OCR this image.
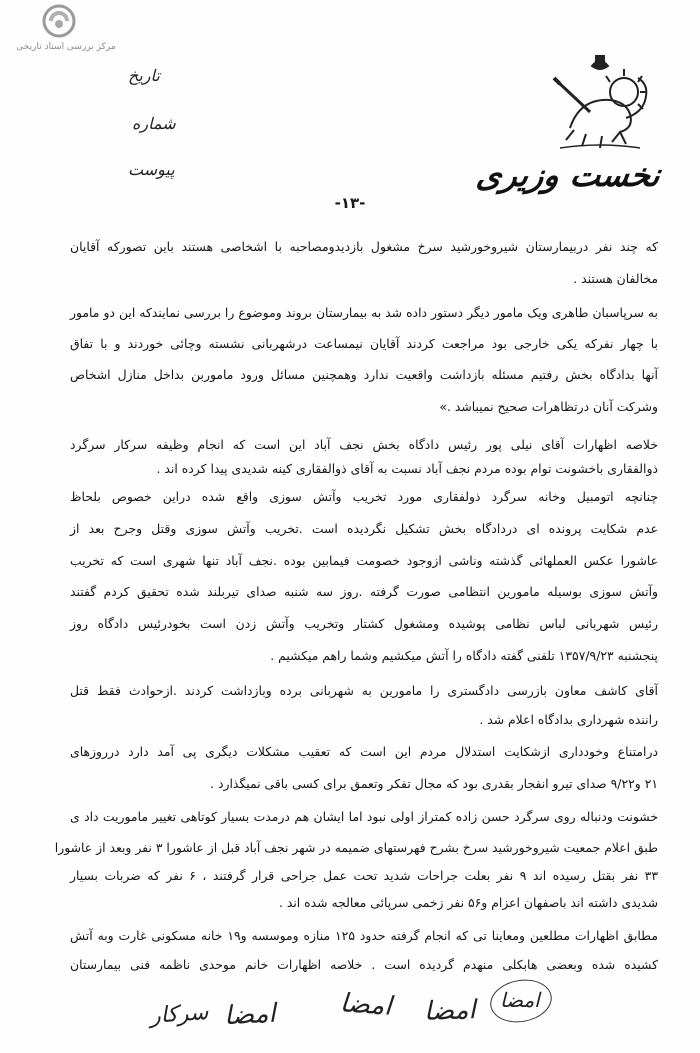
مرکز بررسی اسناد تاریخی
نخست وزیری
تاریخ
شماره
پیوست
-۱۳-
که چند نفر دربیمارستان شیروخورشید سرخ مشغول بازدیدومصاحبه با اشخاصی هستند باین تصورکه آقایان
مخالفان هستند .
به سرپاسبان طاهری ویک مامور دیگر دستور داده شد به بیمارستان بروند وموضوع را بررسی نمایندکه این دو مامور
با چهار نفرکه یکی خارجی بود مراجعت کردند آقایان نیمساعت درشهربانی نشسته وچائی خوردند و با تفاق
آنها بدادگاه بخش رفتیم مسئله بازداشت واقعیت ندارد وهمچنین مسائل ورود ماموربن بداخل منازل اشخاص
وشرکت آنان درتظاهرات صحیح نمیباشد .»
خلاصه اظهارات آقای نیلی پور رئیس دادگاه بخش نجف آباد این است که انجام وظیفه سرکار سرگرد
ذوالفقاری باخشونت توام بوده مردم نجف آباد نسبت به آقای ذوالفقاری کینه شدیدی پیدا کرده اند .
چنانچه اتومبیل وخانه سرگرد ذولفقاری مورد تخریب وآتش سوزی واقع شده دراین خصوص بلحاظ
عدم شکایت پرونده ای دردادگاه بخش تشکیل نگردیده است .تخریب وآتش سوزی وقتل وجرح بعد از
عاشورا عکس العملهائی گذشته وناشی ازوجود خصومت فیمابین بوده .نجف آباد تنها شهری است که تخریب
وآتش سوزی بوسیله مامورین انتظامی صورت گرفته .روز سه شنبه صدای تیربلند شده تحقیق کردم گفتند
رئیس شهربانی لباس نظامی پوشیده ومشغول کشتار وتخریب وآتش زدن است بخودرئیس دادگاه روز
پنجشنبه ۱۳۵۷/۹/۲۳ تلفنی گفته دادگاه را آتش میکشیم وشما راهم میکشیم .
آقای کاشف معاون بازرسی دادگستری را مامورین به شهربانی برده وبازداشت کردند .ازحوادث فقط قتل
راننده شهرداری بدادگاه اعلام شد .
درامتناع وخودداری ازشکایت استدلال مردم این است که تعقیب مشکلات دیگری پی آمد دارد درروزهای
۲۱ و۹/۲۲ صدای تیرو انفجار بقدری بود که مجال تفکر وتعمق برای کسی باقی نمیگذارد .
خشونت ودنباله روی سرگرد حسن زاده کمتراز اولی نبود اما ایشان هم درمدت بسیار کوتاهی تغییر ماموریت داد ی
طبق اعلام جمعیت شیروخورشید سرخ بشرح فهرستهای ضمیمه در شهر نجف آباد قبل از عاشورا ۳ نفر وبعد از عاشورا
۳۳ نفر بقتل رسیده اند ۹ نفر بعلت جراحات شدید تحت عمل جراحی قرار گرفتند ، ۶ نفر که ضربات بسیار
شدیدی داشته اند باصفهان اعزام و۵۶ نفر زخمی سرپائی معالجه شده اند .
مطابق اظهارات مطلعین ومعاینا تی که انجام گرفته حدود ۱۲۵ منازه وموسسه و۱۹ خانه مسکونی غارت وبه آتش
کشیده شده وبعضی هابکلی منهدم گردیده است . خلاصه اظهارات خانم موحدی ناظمه فنی بیمارستان
سرکار امضا امضا امضا امضا
